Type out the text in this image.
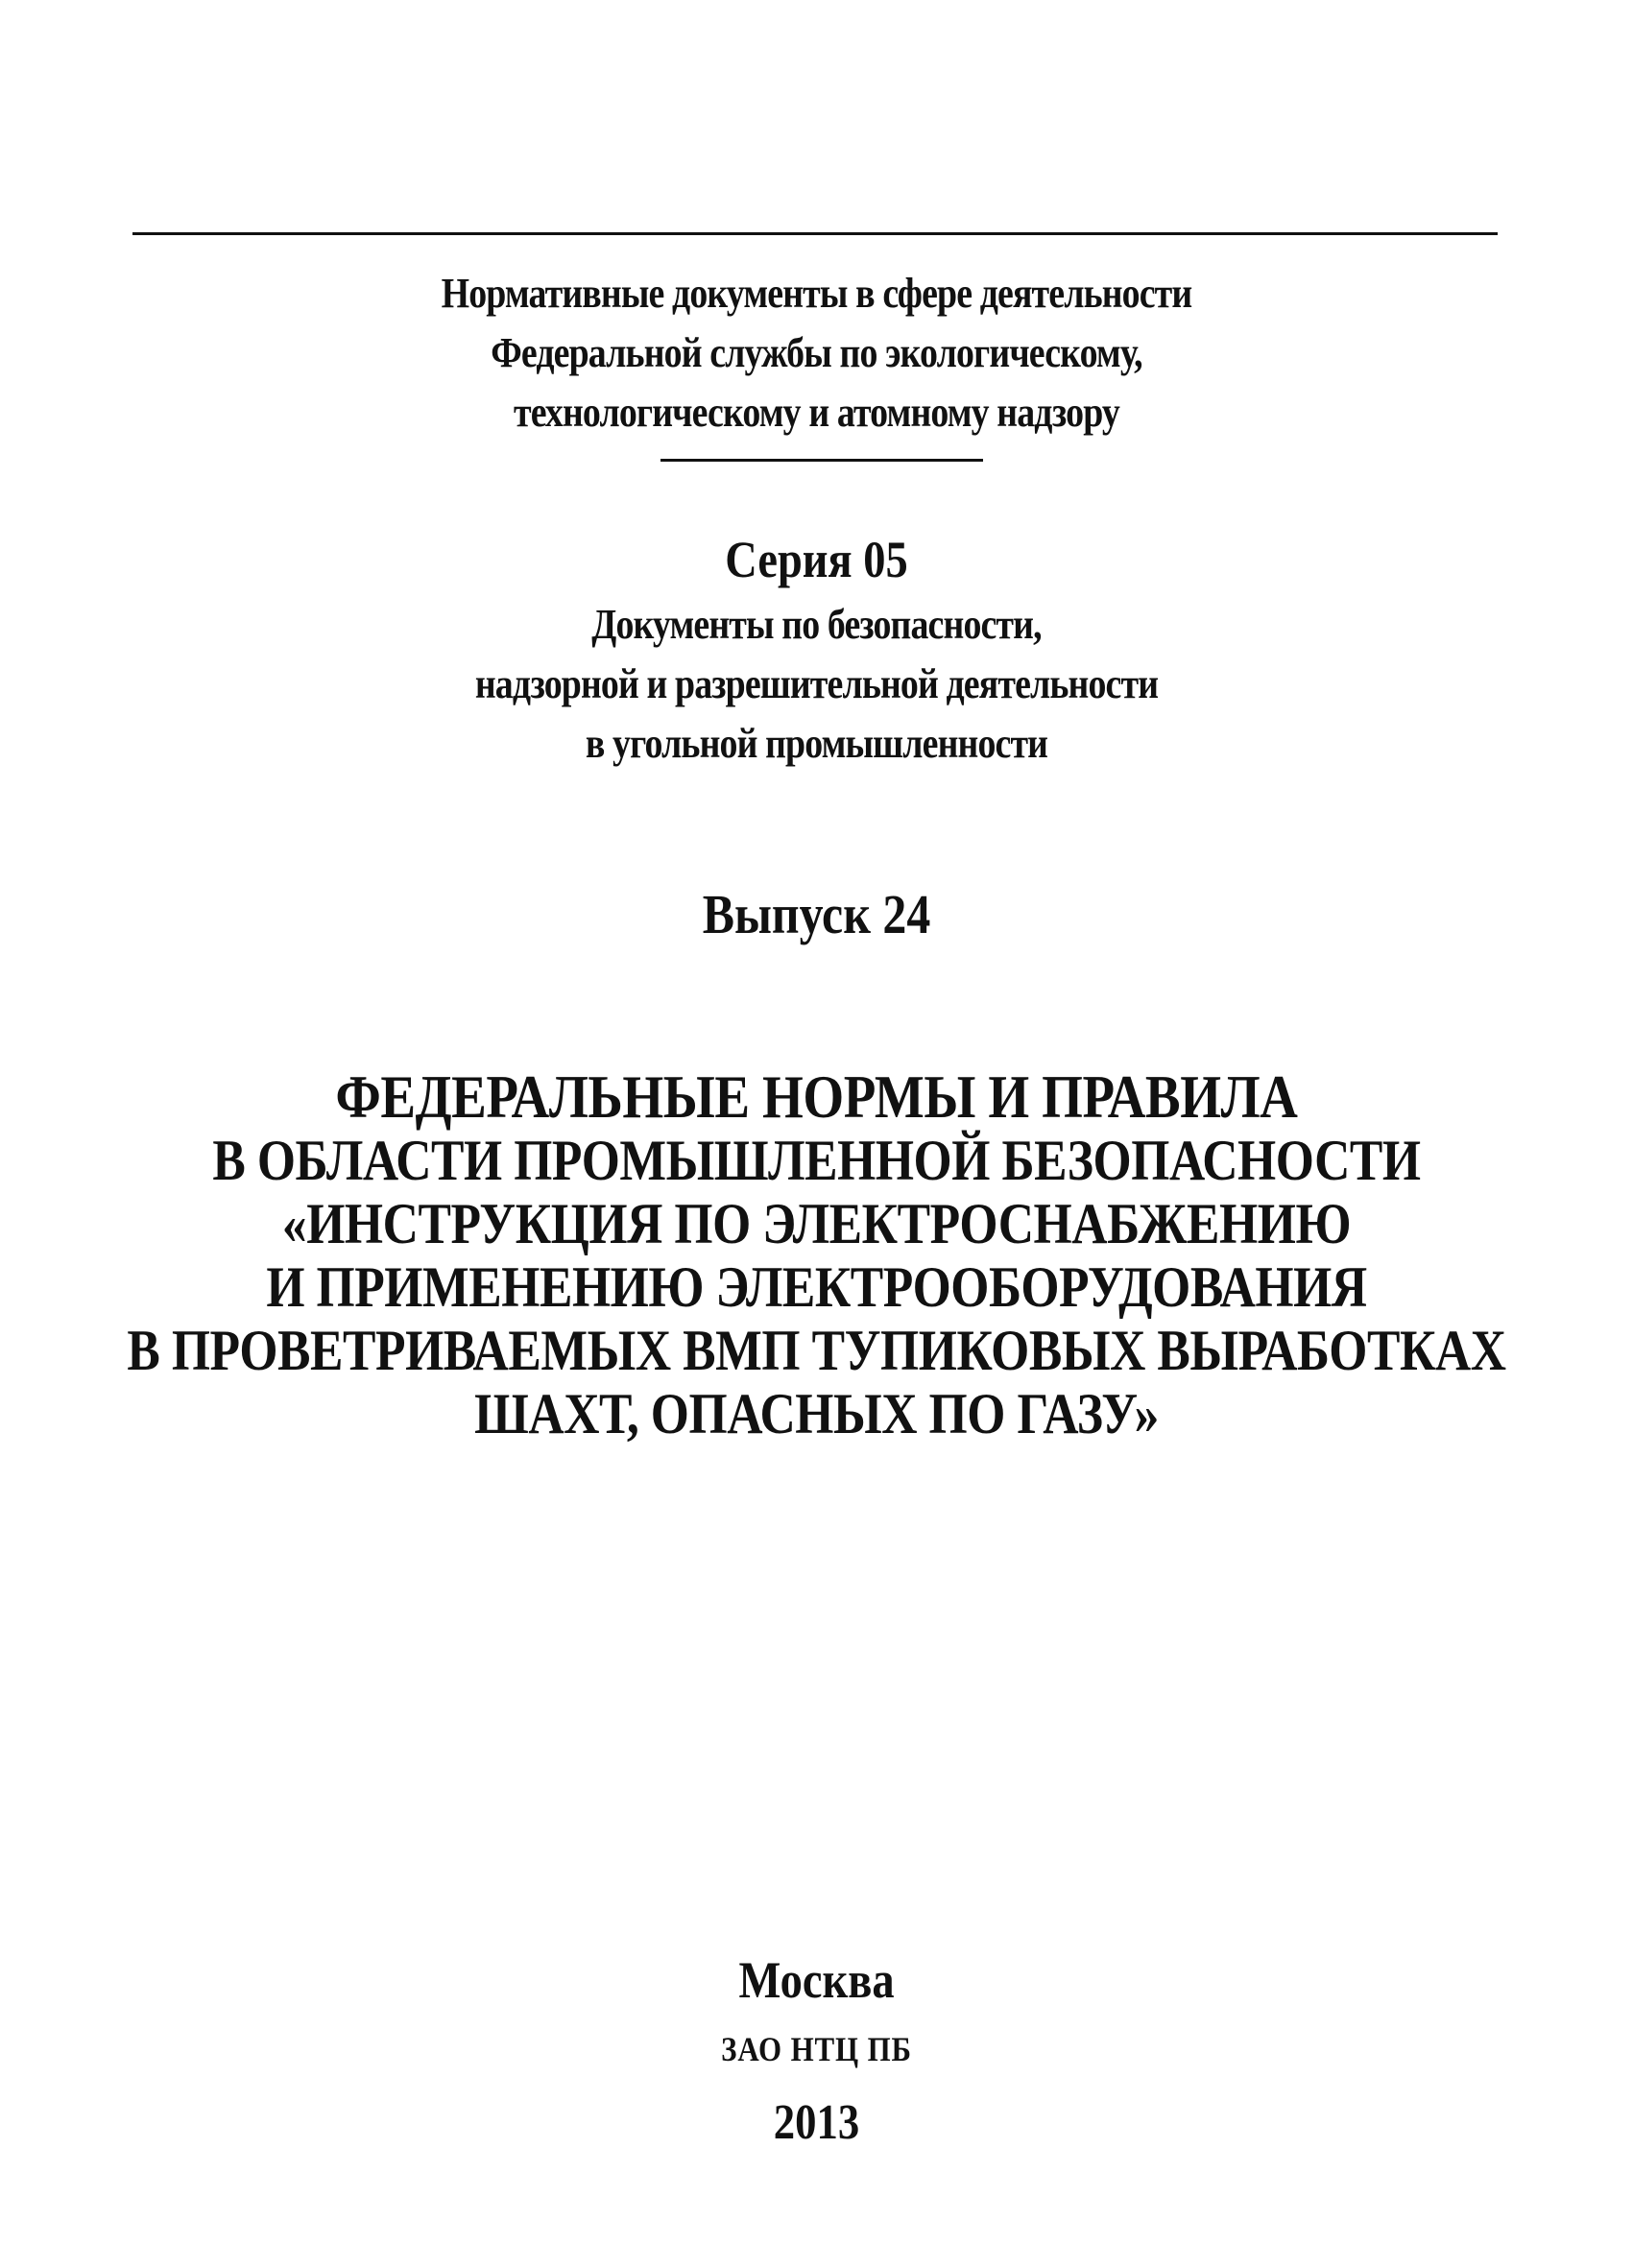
Нормативные документы в сфере деятельности
Федеральной службы по экологическому,
технологическому и атомному надзору
Серия 05
Документы по безопасности,
надзорной и разрешительной деятельности
в угольной промышленности
Выпуск 24
ФЕДЕРАЛЬНЫЕ НОРМЫ И ПРАВИЛА
В ОБЛАСТИ ПРОМЫШЛЕННОЙ БЕЗОПАСНОСТИ
«ИНСТРУКЦИЯ ПО ЭЛЕКТРОСНАБЖЕНИЮ
И ПРИМЕНЕНИЮ ЭЛЕКТРООБОРУДОВАНИЯ
В ПРОВЕТРИВАЕМЫХ ВМП ТУПИКОВЫХ ВЫРАБОТКАХ
ШАХТ, ОПАСНЫХ ПО ГАЗУ»
Москва
ЗАО НТЦ ПБ
2013
